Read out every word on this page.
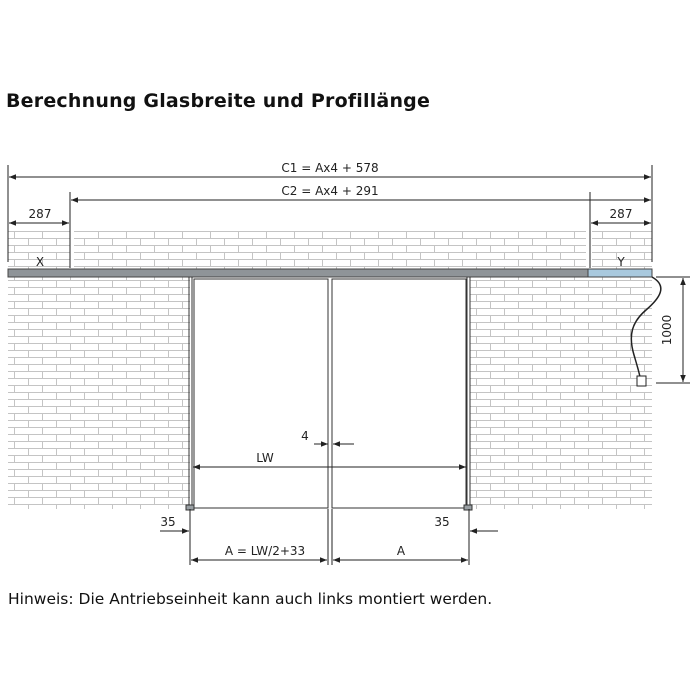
Berechnung Glasbreite und Profillänge
X	Y
C1 = Ax4 + 578
C2 = Ax4 + 291
287	287
1000
4
LW
35	35
A = LW/2+33	A

Hinweis: Die Antriebseinheit kann auch links montiert werden.
